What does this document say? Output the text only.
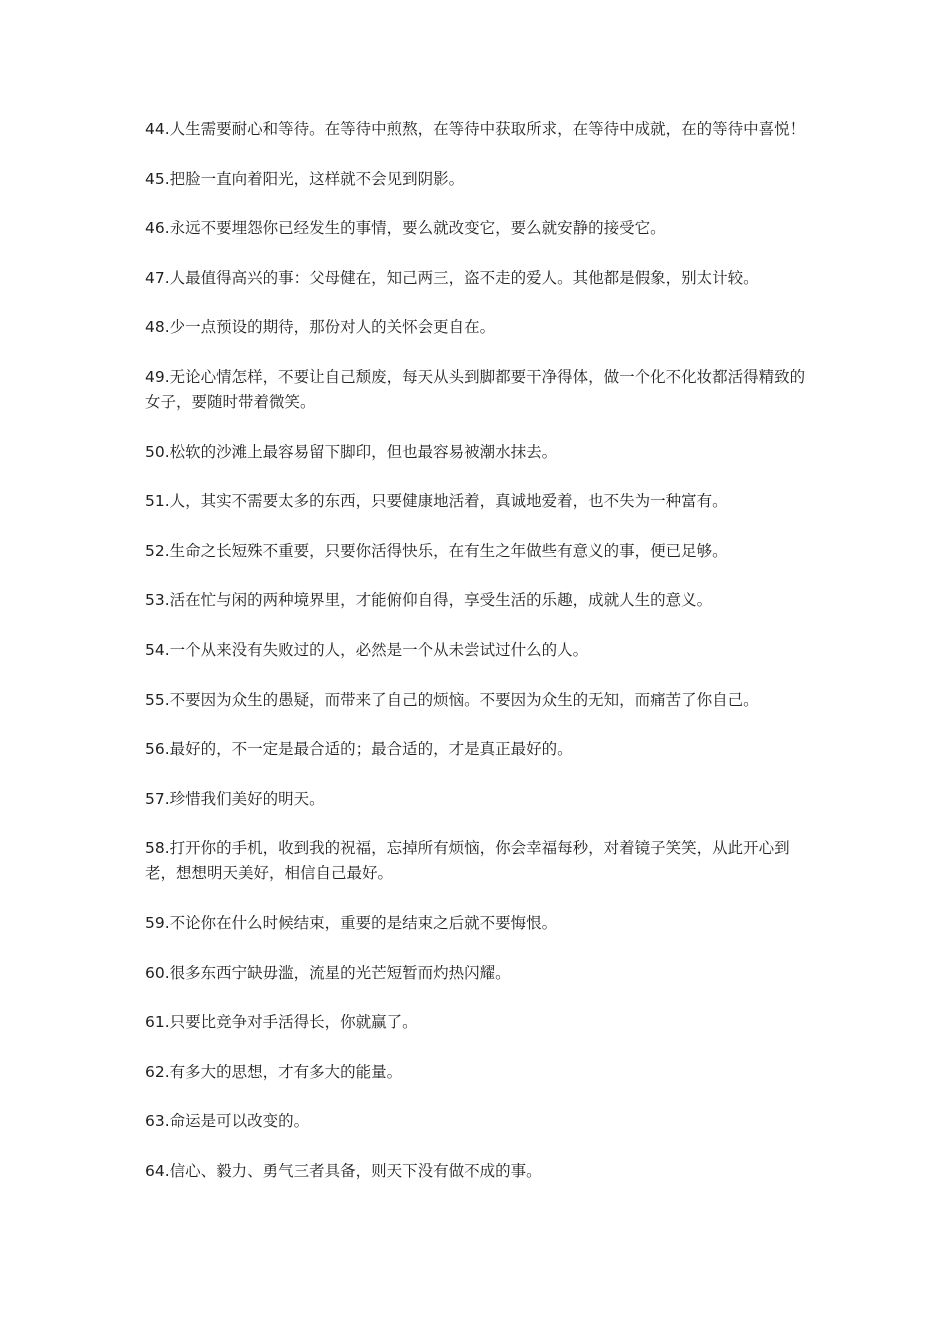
44.人生需要耐心和等待。在等待中煎熬，在等待中获取所求，在等待中成就，在的等待中喜悦！

45.把脸一直向着阳光，这样就不会见到阴影。

46.永远不要埋怨你已经发生的事情，要么就改变它，要么就安静的接受它。

47.人最值得高兴的事：父母健在，知己两三，盗不走的爱人。其他都是假象，别太计较。

48.少一点预设的期待，那份对人的关怀会更自在。

49.无论心情怎样，不要让自己颓废，每天从头到脚都要干净得体，做一个化不化妆都活得精致的女子，要随时带着微笑。

50.松软的沙滩上最容易留下脚印，但也最容易被潮水抹去。

51.人，其实不需要太多的东西，只要健康地活着，真诚地爱着，也不失为一种富有。

52.生命之长短殊不重要，只要你活得快乐，在有生之年做些有意义的事，便已足够。

53.活在忙与闲的两种境界里，才能俯仰自得，享受生活的乐趣，成就人生的意义。

54.一个从来没有失败过的人，必然是一个从未尝试过什么的人。

55.不要因为众生的愚疑，而带来了自己的烦恼。不要因为众生的无知，而痛苦了你自己。

56.最好的，不一定是最合适的；最合适的，才是真正最好的。

57.珍惜我们美好的明天。

58.打开你的手机，收到我的祝福，忘掉所有烦恼，你会幸福每秒，对着镜子笑笑，从此开心到老，想想明天美好，相信自己最好。

59.不论你在什么时候结束，重要的是结束之后就不要悔恨。

60.很多东西宁缺毋滥，流星的光芒短暂而灼热闪耀。

61.只要比竞争对手活得长，你就赢了。

62.有多大的思想，才有多大的能量。

63.命运是可以改变的。

64.信心、毅力、勇气三者具备，则天下没有做不成的事。
